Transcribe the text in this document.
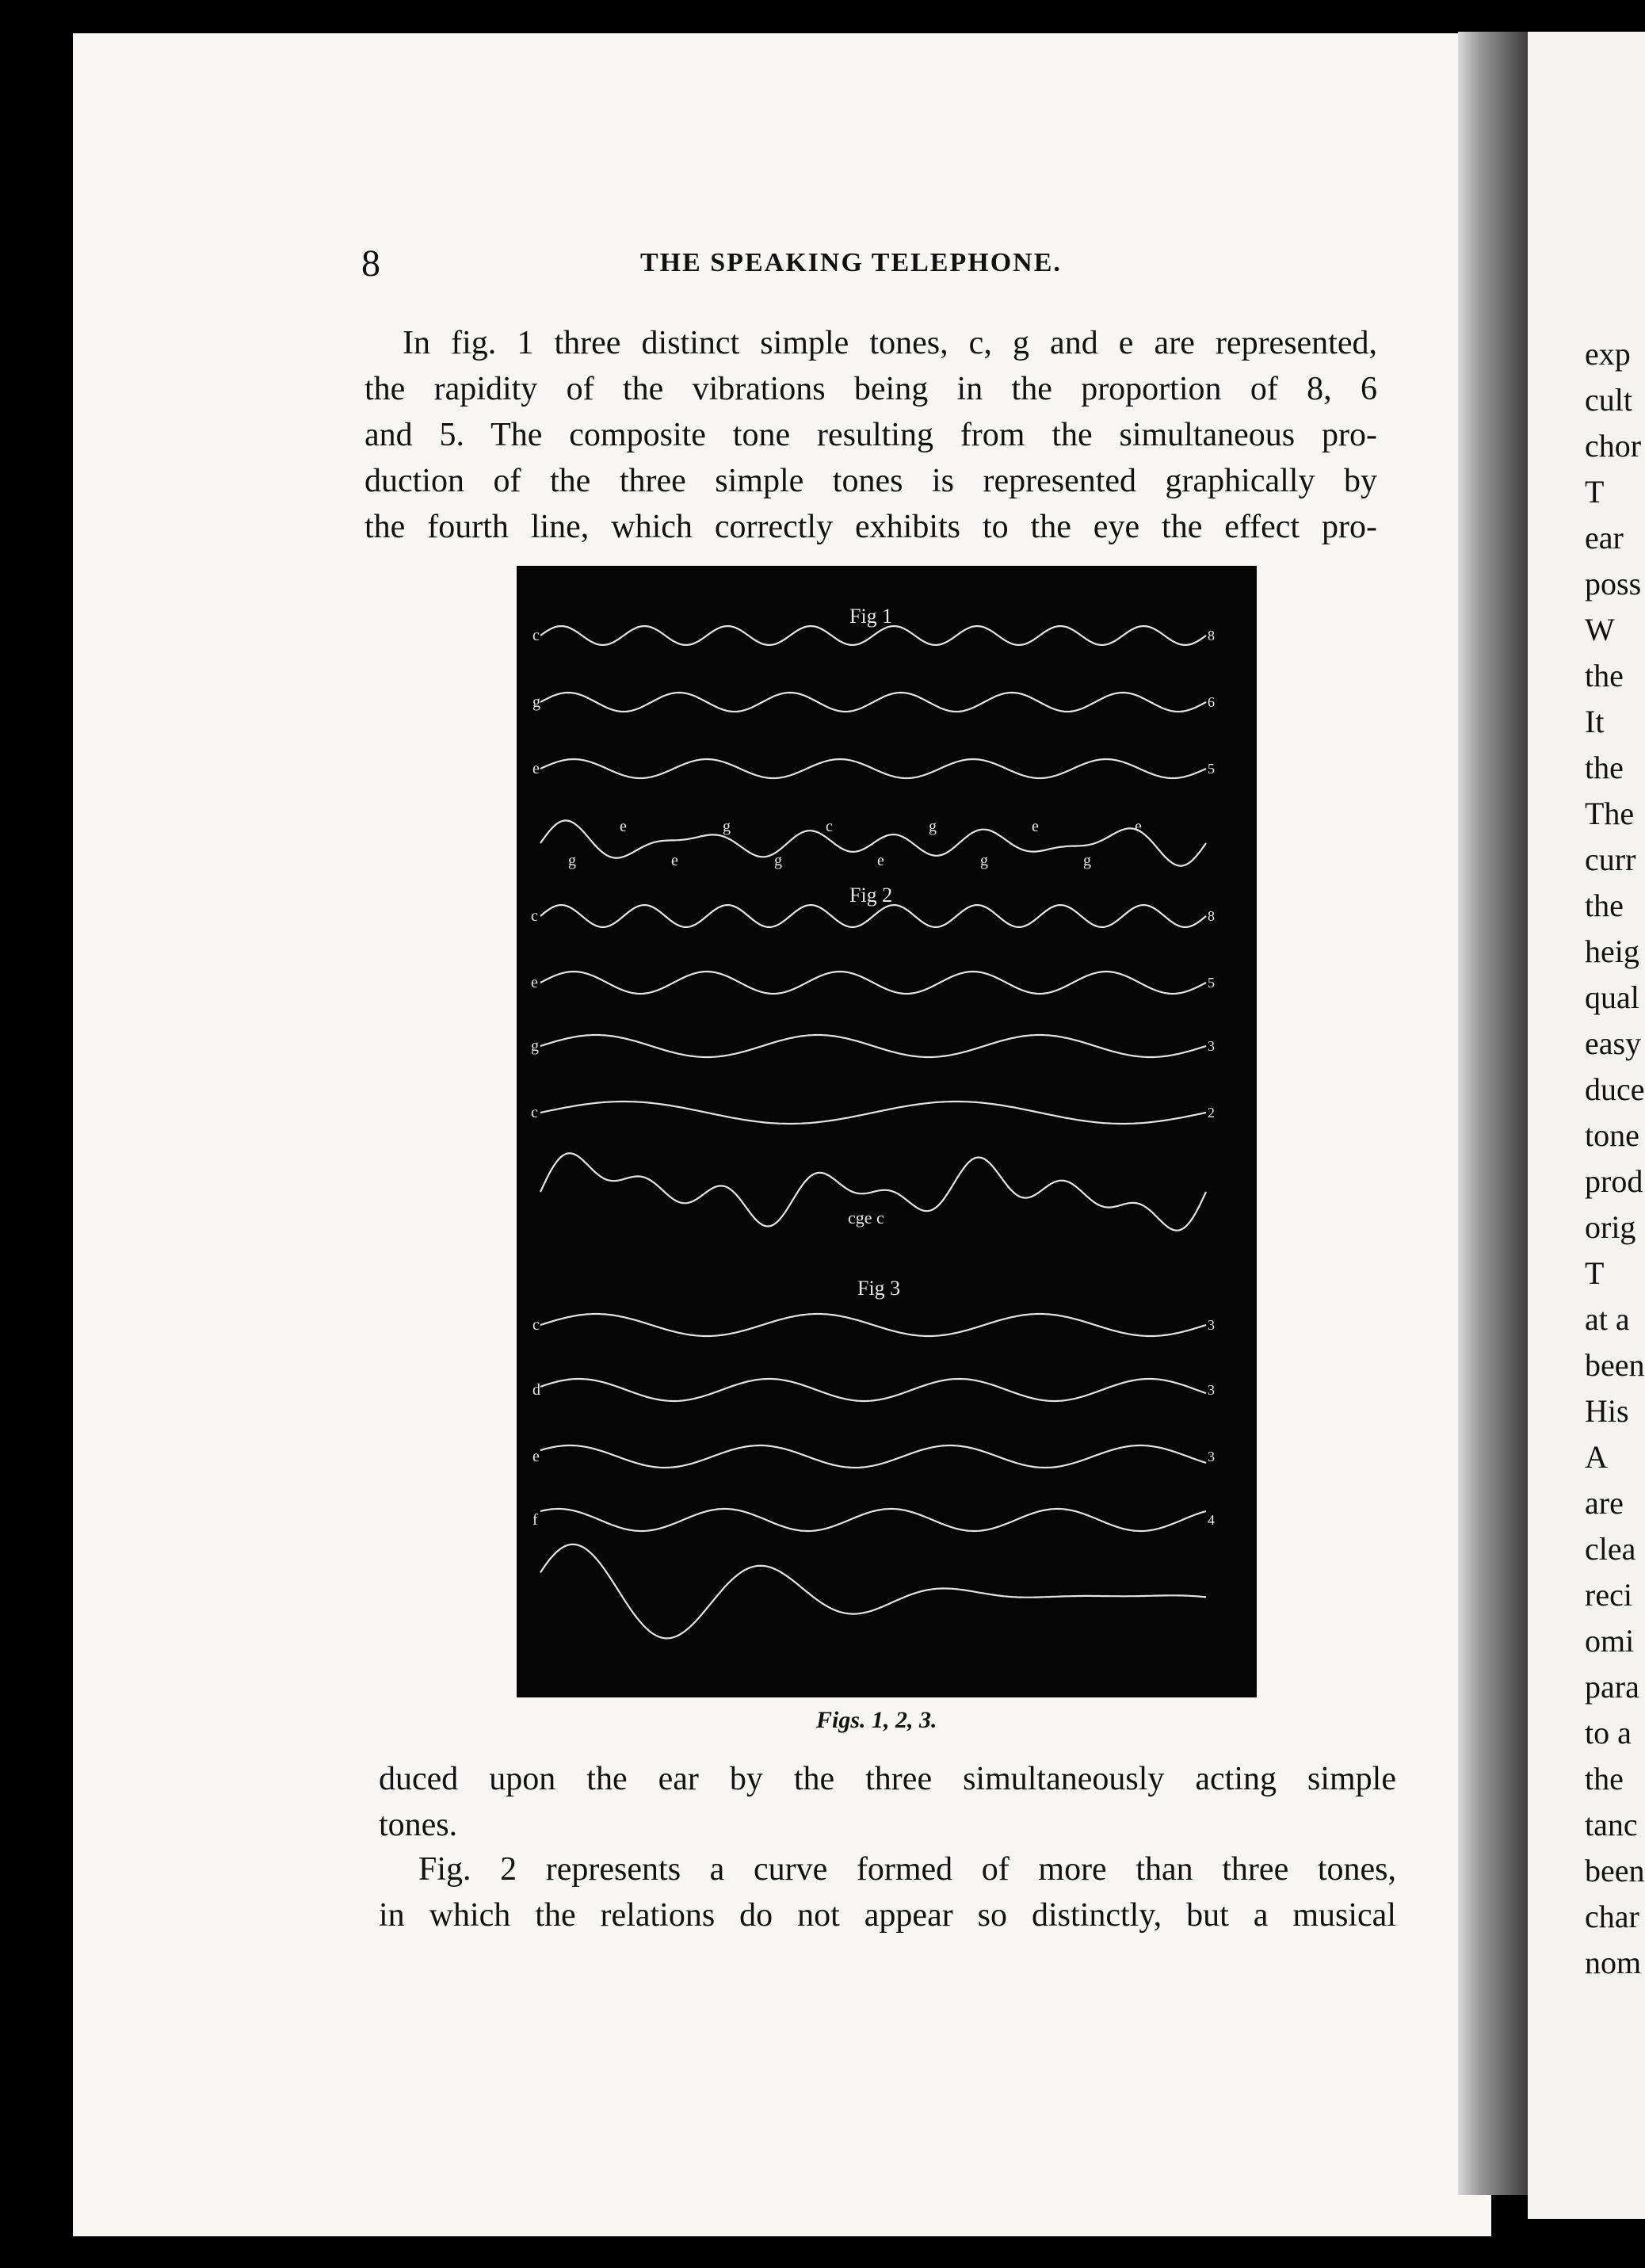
8	THE SPEAKING TELEPHONE.
In fig. 1 three distinct simple tones, c, g and e are represented,
the rapidity of the vibrations being in the proportion of 8, 6
and 5. The composite tone resulting from the simultaneous pro-
duction of the three simple tones is represented graphically by
the fourth line, which correctly exhibits to the eye the effect pro-
Fig 1
c	8
g	6
e	5
g
e
e
g
g
c
e
g
g
e
g
e
Fig 2
c	8
e	5
g	3
c	2
cge c
Fig 3
c	3
d	3
e	3
f	4
Figs. 1, 2, 3.
duced upon the ear by the three simultaneously acting simple
tones.
Fig. 2 represents a curve formed of more than three tones,
in which the relations do not appear so distinctly, but a musical
exp
cult
chor
T
ear
poss
W
the
It
the
The
curr
the
heig
qual
easy
duce
tone
prod
orig
T
at a
been
His
A
are
clea
reci
omi
para
to a
the
tanc
been
char
nom
